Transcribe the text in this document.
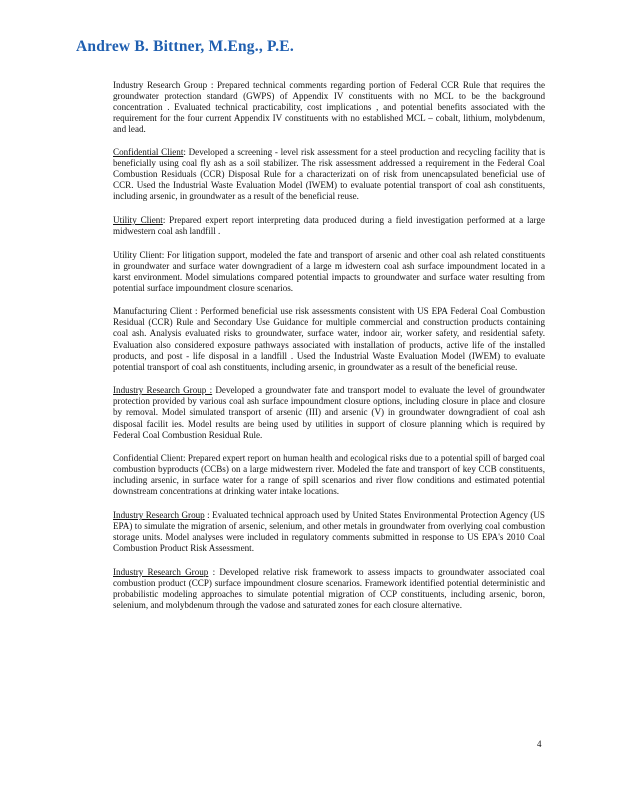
Andrew B. Bittner, M.Eng., P.E.

Industry Research Group : Prepared technical comments regarding portion of Federal CCR Rule that requires the groundwater protection standard (GWPS) of Appendix IV constituents with no MCL to be the background concentration . Evaluated technical practicability, cost implications , and potential benefits associated with the requirement for the four current Appendix IV constituents with no established MCL – cobalt, lithium, molybdenum, and lead.

Confidential Client: Developed a screening - level risk assessment for a steel production and recycling facility that is beneficially using coal fly ash as a soil stabilizer. The risk assessment addressed a requirement in the Federal Coal Combustion Residuals (CCR) Disposal Rule for a characterizati on of risk from unencapsulated beneficial use of CCR. Used the Industrial Waste Evaluation Model (IWEM) to evaluate potential transport of coal ash constituents, including arsenic, in groundwater as a result of the beneficial reuse.

Utility Client: Prepared expert report interpreting data produced during a field investigation performed at a large midwestern coal ash landfill .

Utility Client: For litigation support, modeled the fate and transport of arsenic and other coal ash related constituents in groundwater and surface water downgradient of a large m idwestern coal ash surface impoundment located in a karst environment. Model simulations compared potential impacts to groundwater and surface water resulting from potential surface impoundment closure scenarios.

Manufacturing Client : Performed beneficial use risk assessments consistent with US EPA Federal Coal Combustion Residual (CCR) Rule and Secondary Use Guidance for multiple commercial and construction products containing coal ash. Analysis evaluated risks to groundwater, surface water, indoor air, worker safety, and residential safety. Evaluation also considered exposure pathways associated with installation of products, active life of the installed products, and post - life disposal in a landfill . Used the Industrial Waste Evaluation Model (IWEM) to evaluate potential transport of coal ash constituents, including arsenic, in groundwater as a result of the beneficial reuse.

Industry Research Group : Developed a groundwater fate and transport model to evaluate the level of groundwater protection provided by various coal ash surface impoundment closure options, including closure in place and closure by removal. Model simulated transport of arsenic (III) and arsenic (V) in groundwater downgradient of coal ash disposal facilit ies. Model results are being used by utilities in support of closure planning which is required by Federal Coal Combustion Residual Rule.

Confidential Client: Prepared expert report on human health and ecological risks due to a potential spill of barged coal combustion byproducts (CCBs) on a large midwestern river. Modeled the fate and transport of key CCB constituents, including arsenic, in surface water for a range of spill scenarios and river flow conditions and estimated potential downstream concentrations at drinking water intake locations.

Industry Research Group : Evaluated technical approach used by United States Environmental Protection Agency (US EPA) to simulate the migration of arsenic, selenium, and other metals in groundwater from overlying coal combustion storage units. Model analyses were included in regulatory comments submitted in response to US EPA's 2010 Coal Combustion Product Risk Assessment.

Industry Research Group : Developed relative risk framework to assess impacts to groundwater associated coal combustion product (CCP) surface impoundment closure scenarios. Framework identified potential deterministic and probabilistic modeling approaches to simulate potential migration of CCP constituents, including arsenic, boron, selenium, and molybdenum through the vadose and saturated zones for each closure alternative.

4
